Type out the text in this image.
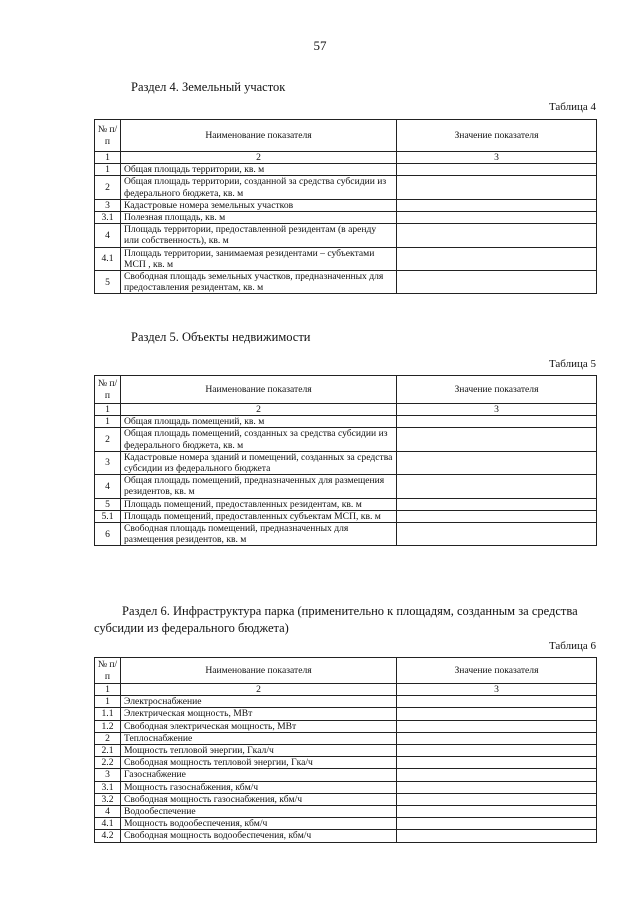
57
Раздел 4. Земельный участок
Таблица 4
№ п/п	Наименование показателя	Значение показателя
1	2	3
1	Общая площадь территории, кв. м	
2	Общая площадь территории, созданной за средства субсидии из федерального бюджета, кв. м	
3	Кадастровые номера земельных участков	
3.1	Полезная площадь, кв. м	
4	Площадь территории, предоставленной резидентам (в аренду или собственность), кв. м	
4.1	Площадь территории, занимаемая резидентами – субъектами МСП , кв. м	
5	Свободная площадь земельных участков, предназначенных для предоставления резидентам, кв. м	
Раздел 5. Объекты недвижимости
Таблица 5
№ п/п	Наименование показателя	Значение показателя
1	2	3
1	Общая площадь помещений, кв. м	
2	Общая площадь помещений, созданных за средства субсидии из федерального бюджета, кв. м	
3	Кадастровые номера зданий и помещений, созданных за средства субсидии из федерального бюджета	
4	Общая площадь помещений, предназначенных для размещения резидентов, кв. м	
5	Площадь помещений, предоставленных резидентам, кв. м	
5.1	Площадь помещений, предоставленных субъектам МСП, кв. м	
6	Свободная площадь помещений, предназначенных для размещения резидентов, кв. м	
Раздел 6. Инфраструктура парка (применительно к площадям, созданным за средства субсидии из федерального бюджета)
Таблица 6
№ п/п	Наименование показателя	Значение показателя
1	2	3
1	Электроснабжение	
1.1	Электрическая мощность, МВт	
1.2	Свободная электрическая мощность, МВт	
2	Теплоснабжение	
2.1	Мощность тепловой энергии, Гкал/ч	
2.2	Свободная мощность тепловой энергии, Гка/ч	
3	Газоснабжение	
3.1	Мощность газоснабжения, кбм/ч	
3.2	Свободная мощность газоснабжения, кбм/ч	
4	Водообеспечение	
4.1	Мощность водообеспечения, кбм/ч	
4.2	Свободная мощность водообеспечения, кбм/ч	
